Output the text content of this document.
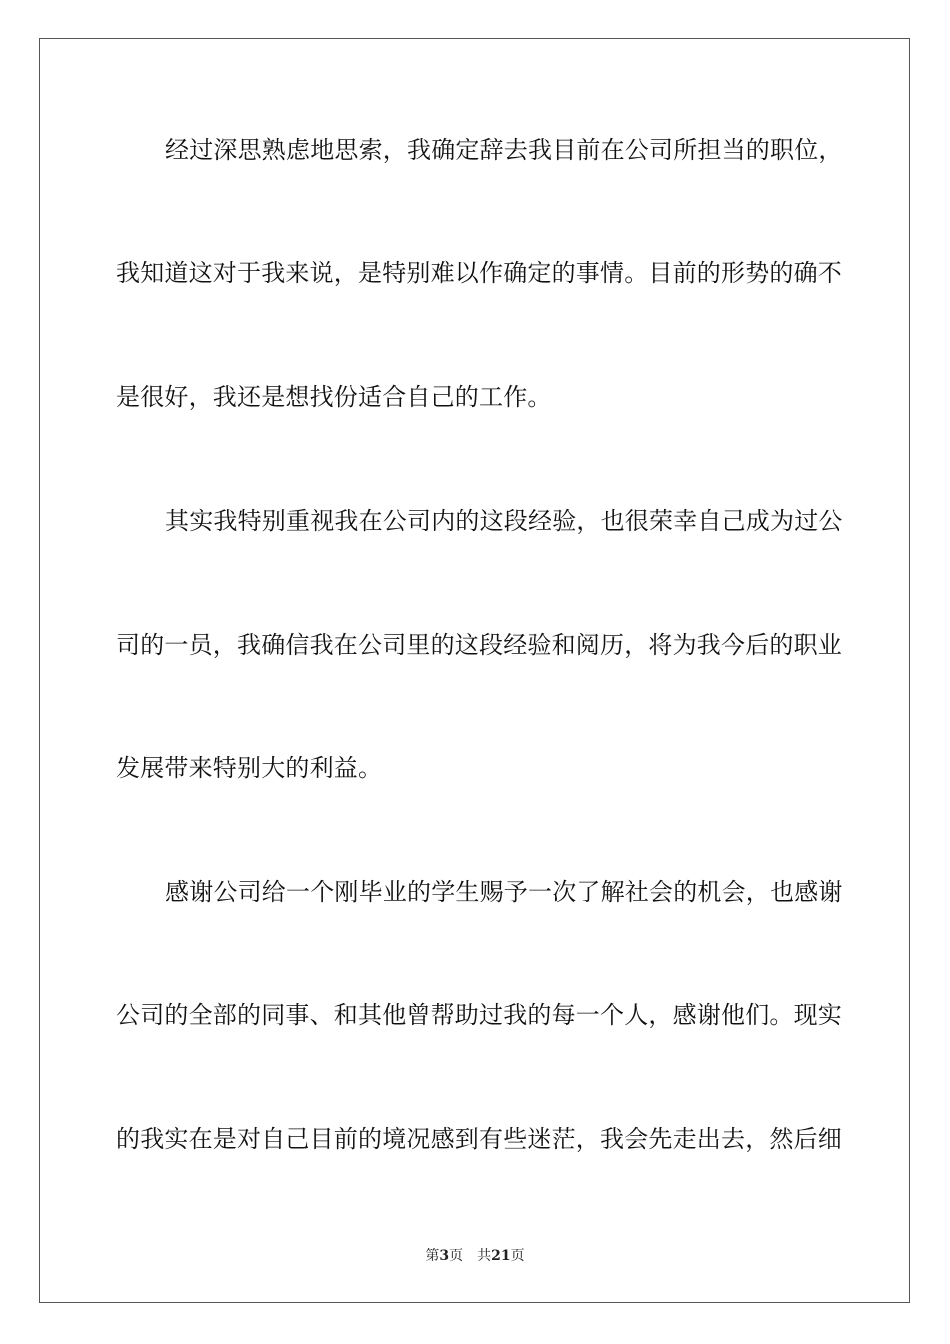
经过深思熟虑地思索，我确定辞去我目前在公司所担当的职位，
我知道这对于我来说，是特别难以作确定的事情。目前的形势的确不
是很好，我还是想找份适合自己的工作。
其实我特别重视我在公司内的这段经验，也很荣幸自己成为过公
司的一员，我确信我在公司里的这段经验和阅历，将为我今后的职业
发展带来特别大的利益。
感谢公司给一个刚毕业的学生赐予一次了解社会的机会，也感谢
公司的全部的同事、和其他曾帮助过我的每一个人，感谢他们。现实
的我实在是对自己目前的境况感到有些迷茫，我会先走出去，然后细
第3页 共21页
